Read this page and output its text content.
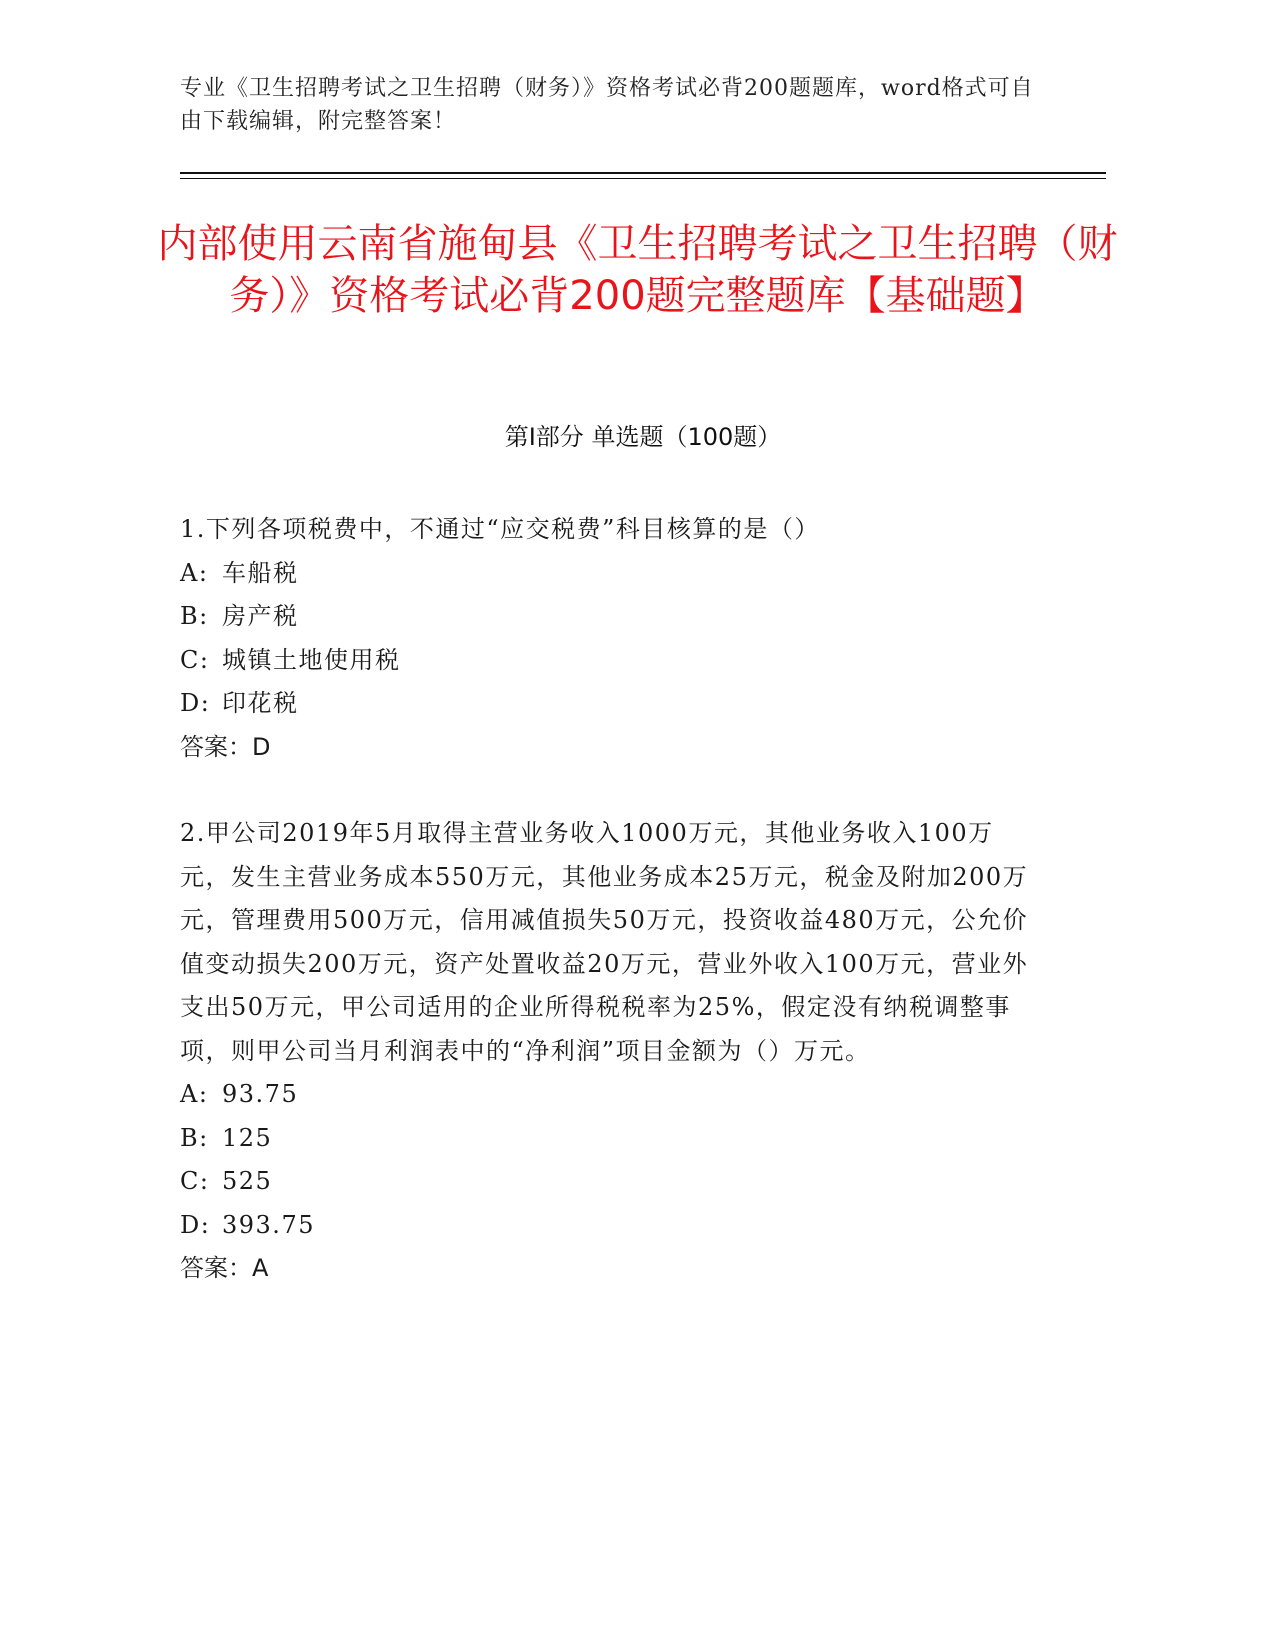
专业《卫生招聘考试之卫生招聘（财务）》资格考试必背200题题库，word格式可自由下载编辑，附完整答案！
内部使用云南省施甸县《卫生招聘考试之卫生招聘（财务）》资格考试必背200题完整题库【基础题】
第Ⅰ部分 单选题（100题）

1.下列各项税费中，不通过“应交税费”科目核算的是（）

A: 车船税

B: 房产税

C: 城镇土地使用税

D: 印花税

答案：D

2.甲公司2019年5月取得主营业务收入1000万元，其他业务收入100万元，发生主营业务成本550万元，其他业务成本25万元，税金及附加200万元，管理费用500万元，信用减值损失50万元，投资收益480万元，公允价值变动损失200万元，资产处置收益20万元，营业外收入100万元，营业外支出50万元，甲公司适用的企业所得税税率为25%，假定没有纳税调整事项，则甲公司当月利润表中的“净利润”项目金额为（）万元。

A: 93.75

B: 125

C: 525

D: 393.75

答案：A
